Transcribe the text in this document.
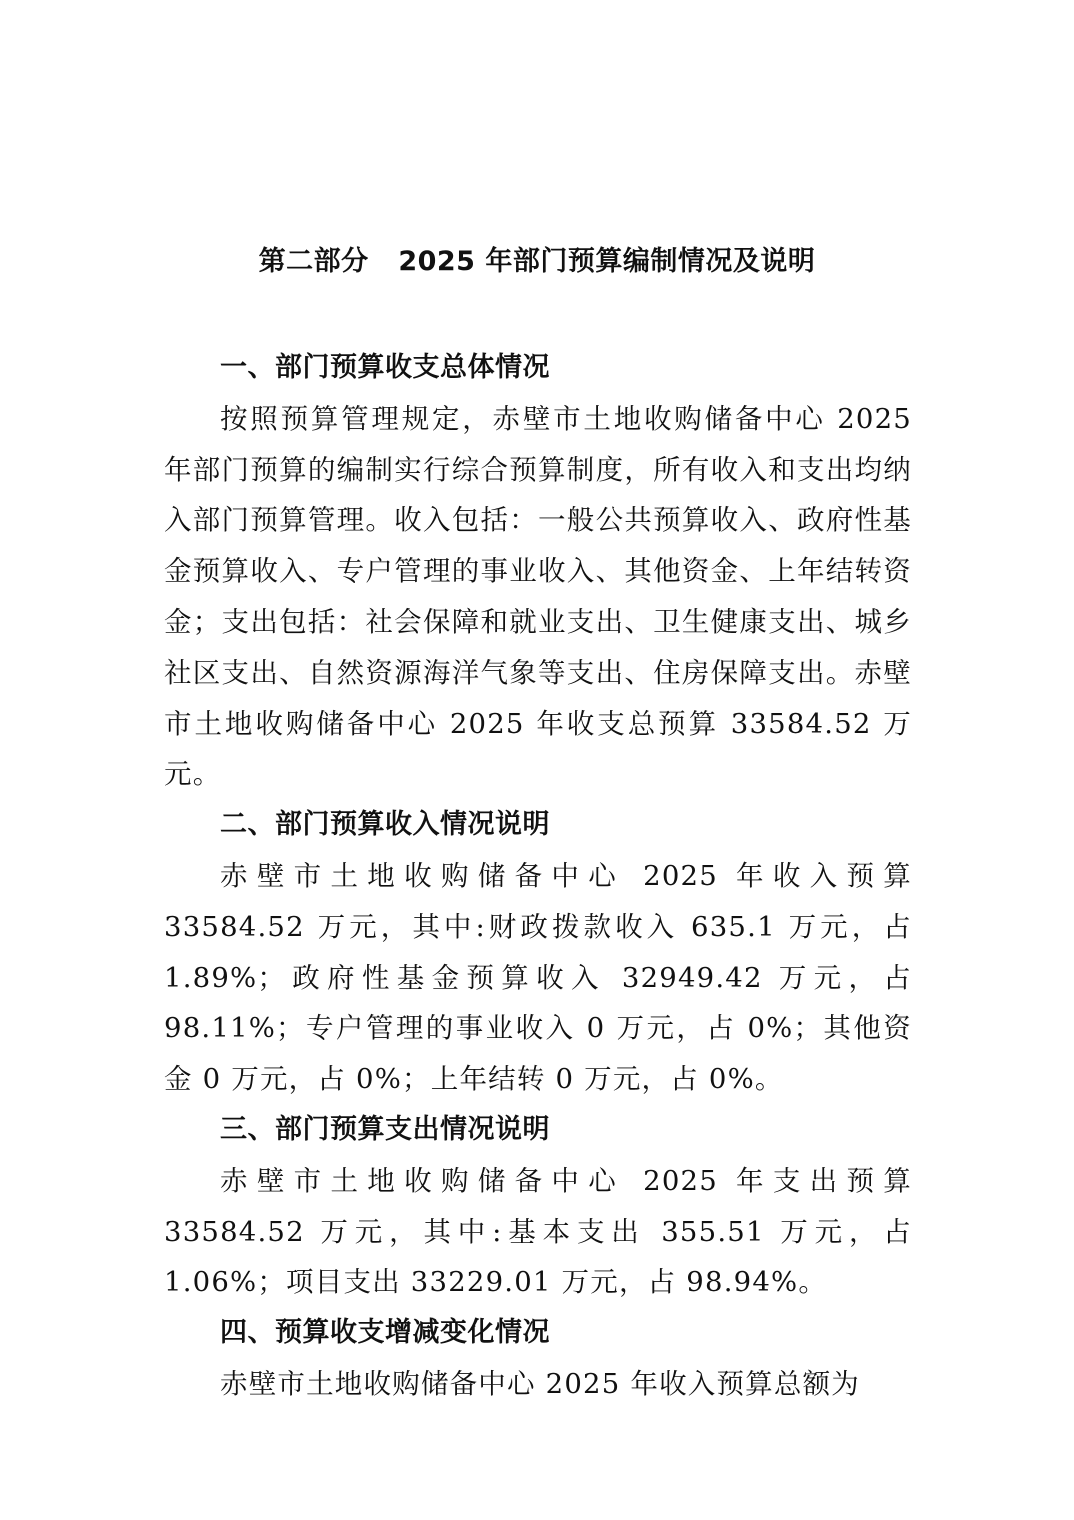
第二部分   2025 年部门预算编制情况及说明
一、部门预算收支总体情况

按照预算管理规定，赤壁市土地收购储备中心 2025 年部门预算的编制实行综合预算制度，所有收入和支出均纳入部门预算管理。收入包括：一般公共预算收入、政府性基金预算收入、专户管理的事业收入、其他资金、上年结转资金；支出包括：社会保障和就业支出、卫生健康支出、城乡社区支出、自然资源海洋气象等支出、住房保障支出。赤壁市土地收购储备中心 2025 年收支总预算 33584.52 万元。

二、部门预算收入情况说明

赤壁市土地收购储备中心 2025 年收入预算 33584.52 万元，其中:财政拨款收入 635.1 万元，占 1.89%；政府性基金预算收入 32949.42 万元，占 98.11%；专户管理的事业收入 0 万元，占 0%；其他资金 0 万元，占 0%；上年结转 0 万元，占 0%。

三、部门预算支出情况说明

赤壁市土地收购储备中心 2025 年支出预算 33584.52 万元，其中:基本支出 355.51 万元，占 1.06%；项目支出 33229.01 万元，占 98.94%。

四、预算收支增减变化情况

赤壁市土地收购储备中心 2025 年收入预算总额为
